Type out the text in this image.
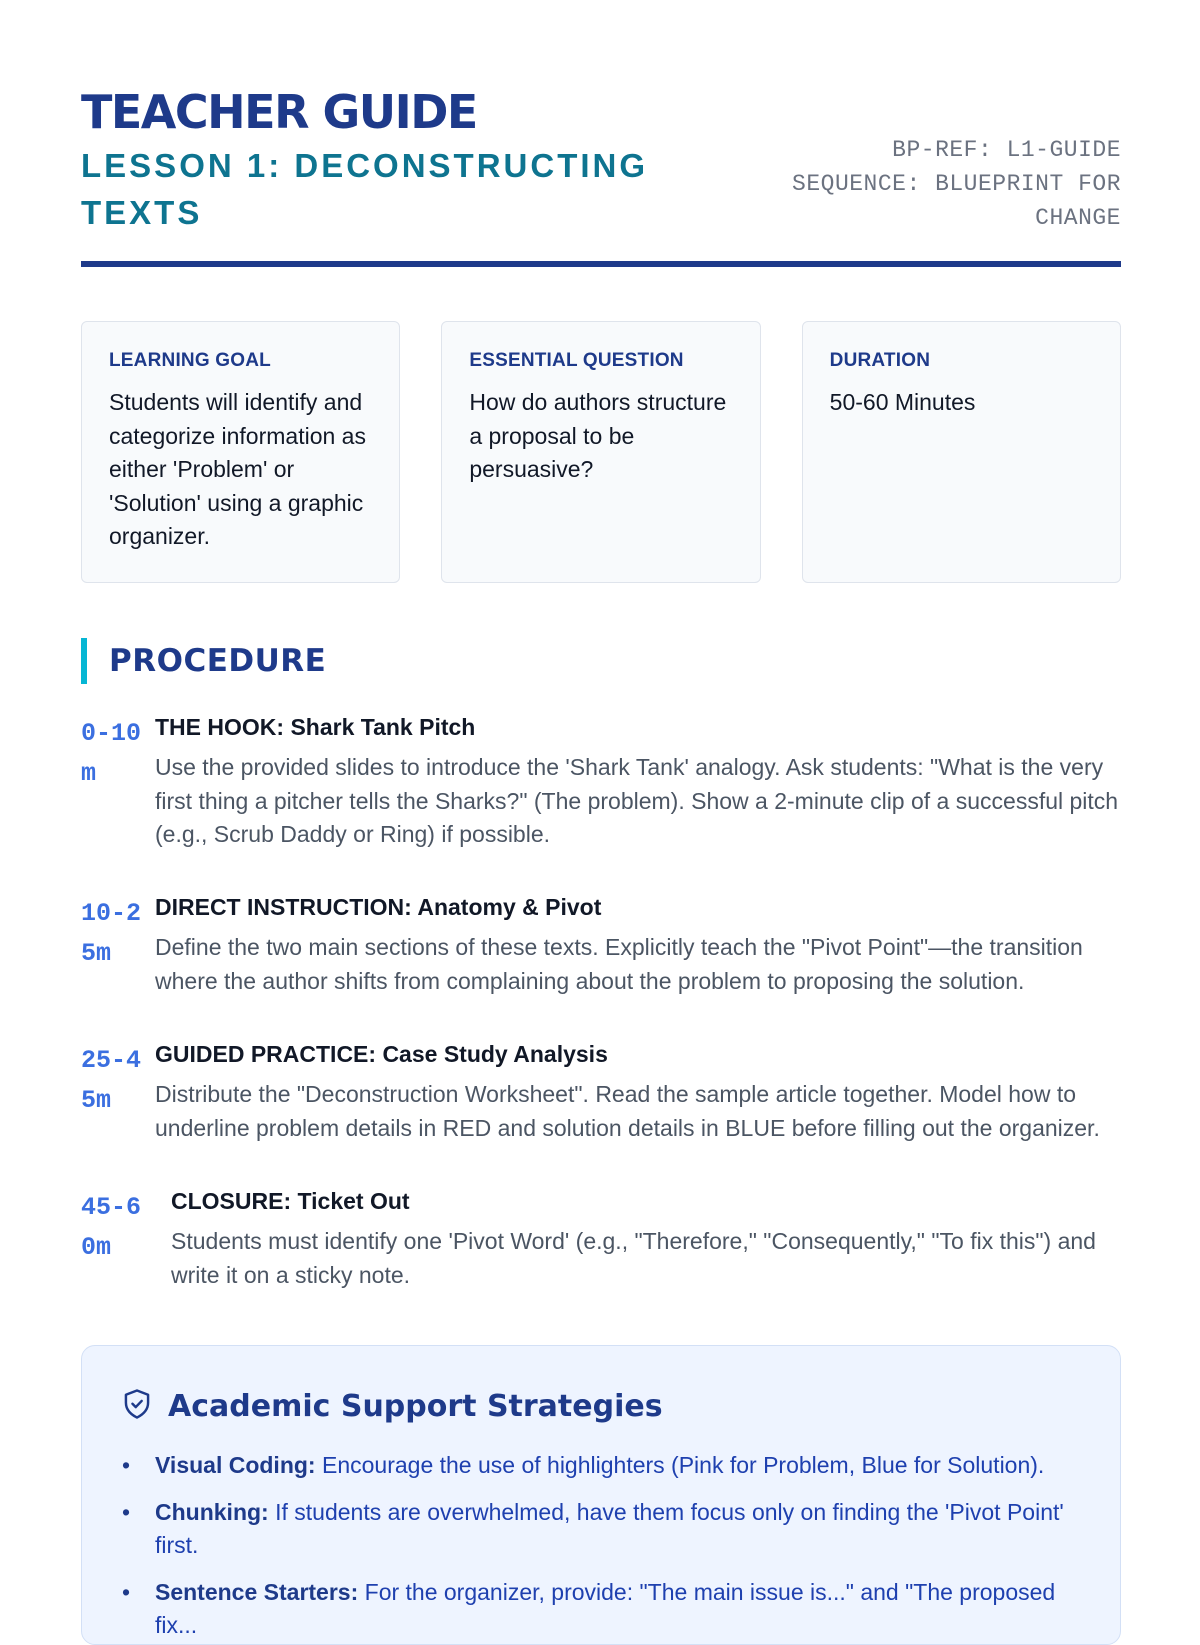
TEACHER GUIDE
LESSON 1: DECONSTRUCTING TEXTS
BP-REF: L1-GUIDE
SEQUENCE: BLUEPRINT FOR CHANGE
LEARNING GOAL
Students will identify and categorize information as either 'Problem' or 'Solution' using a graphic organizer.
ESSENTIAL QUESTION
How do authors structure a proposal to be persuasive?
DURATION
50-60 Minutes
PROCEDURE
0-10m
THE HOOK: Shark Tank Pitch
Use the provided slides to introduce the 'Shark Tank' analogy. Ask students: "What is the very first thing a pitcher tells the Sharks?" (The problem). Show a 2-minute clip of a successful pitch (e.g., Scrub Daddy or Ring) if possible.
10-25m
DIRECT INSTRUCTION: Anatomy & Pivot
Define the two main sections of these texts. Explicitly teach the "Pivot Point"—the transition where the author shifts from complaining about the problem to proposing the solution.
25-45m
GUIDED PRACTICE: Case Study Analysis
Distribute the "Deconstruction Worksheet". Read the sample article together. Model how to underline problem details in RED and solution details in BLUE before filling out the organizer.
45-60m
CLOSURE: Ticket Out
Students must identify one 'Pivot Word' (e.g., "Therefore," "Consequently," "To fix this") and write it on a sticky note.
Academic Support Strategies
• Visual Coding: Encourage the use of highlighters (Pink for Problem, Blue for Solution).
• Chunking: If students are overwhelmed, have them focus only on finding the 'Pivot Point' first.
• Sentence Starters: For the organizer, provide: "The main issue is..." and "The proposed fix...
